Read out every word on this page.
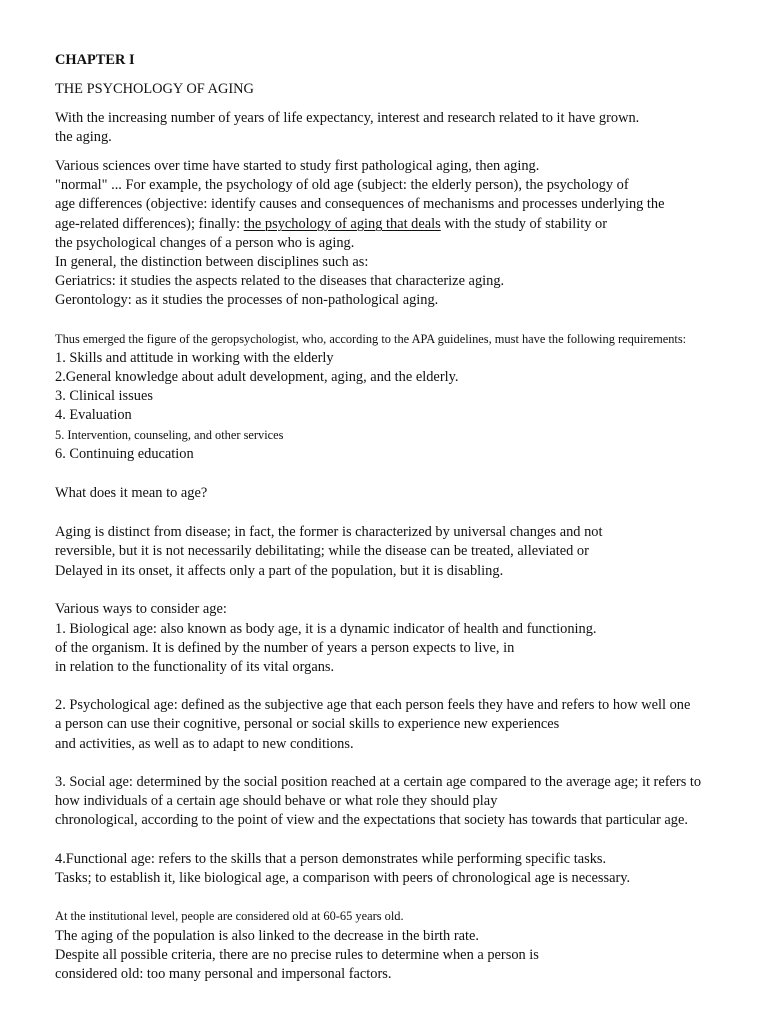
CHAPTER I
THE PSYCHOLOGY OF AGING
With the increasing number of years of life expectancy, interest and research related to it have grown.
the aging.
Various sciences over time have started to study first pathological aging, then aging.
"normal" ... For example, the psychology of old age (subject: the elderly person), the psychology of
age differences (objective: identify causes and consequences of mechanisms and processes underlying the
age-related differences); finally: the psychology of aging that deals with the study of stability or
the psychological changes of a person who is aging.
In general, the distinction between disciplines such as:
Geriatrics: it studies the aspects related to the diseases that characterize aging.
Gerontology: as it studies the processes of non-pathological aging.
Thus emerged the figure of the geropsychologist, who, according to the APA guidelines, must have the following requirements:
1. Skills and attitude in working with the elderly
2.General knowledge about adult development, aging, and the elderly.
3. Clinical issues
4. Evaluation
5. Intervention, counseling, and other services
6. Continuing education
What does it mean to age?
Aging is distinct from disease; in fact, the former is characterized by universal changes and not
reversible, but it is not necessarily debilitating; while the disease can be treated, alleviated or
Delayed in its onset, it affects only a part of the population, but it is disabling.
Various ways to consider age:
1. Biological age: also known as body age, it is a dynamic indicator of health and functioning.
of the organism. It is defined by the number of years a person expects to live, in
in relation to the functionality of its vital organs.
2. Psychological age: defined as the subjective age that each person feels they have and refers to how well one
a person can use their cognitive, personal or social skills to experience new experiences
and activities, as well as to adapt to new conditions.
3. Social age: determined by the social position reached at a certain age compared to the average age; it refers to
how individuals of a certain age should behave or what role they should play
chronological, according to the point of view and the expectations that society has towards that particular age.
4.Functional age: refers to the skills that a person demonstrates while performing specific tasks.
Tasks; to establish it, like biological age, a comparison with peers of chronological age is necessary.
At the institutional level, people are considered old at 60-65 years old.
The aging of the population is also linked to the decrease in the birth rate.
Despite all possible criteria, there are no precise rules to determine when a person is
considered old: too many personal and impersonal factors.
